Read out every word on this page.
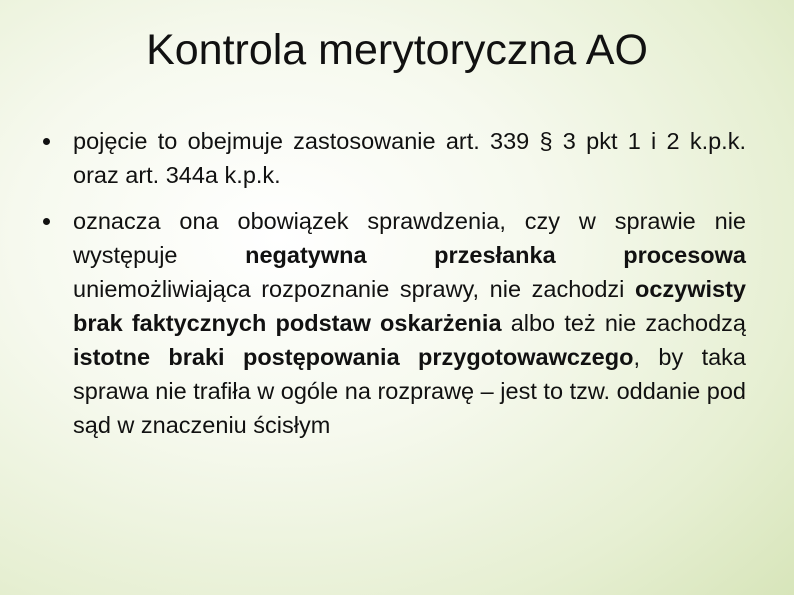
Kontrola merytoryczna AO
pojęcie to obejmuje zastosowanie art. 339 § 3 pkt 1 i 2 k.p.k. oraz art. 344a k.p.k.
oznacza ona obowiązek sprawdzenia, czy w sprawie nie występuje negatywna przesłanka procesowa uniemożliwiająca rozpoznanie sprawy, nie zachodzi oczywisty brak faktycznych podstaw oskarżenia albo też nie zachodzą istotne braki postępowania przygotowawczego, by taka sprawa nie trafiła w ogóle na rozprawę – jest to tzw. oddanie pod sąd w znaczeniu ścisłym
